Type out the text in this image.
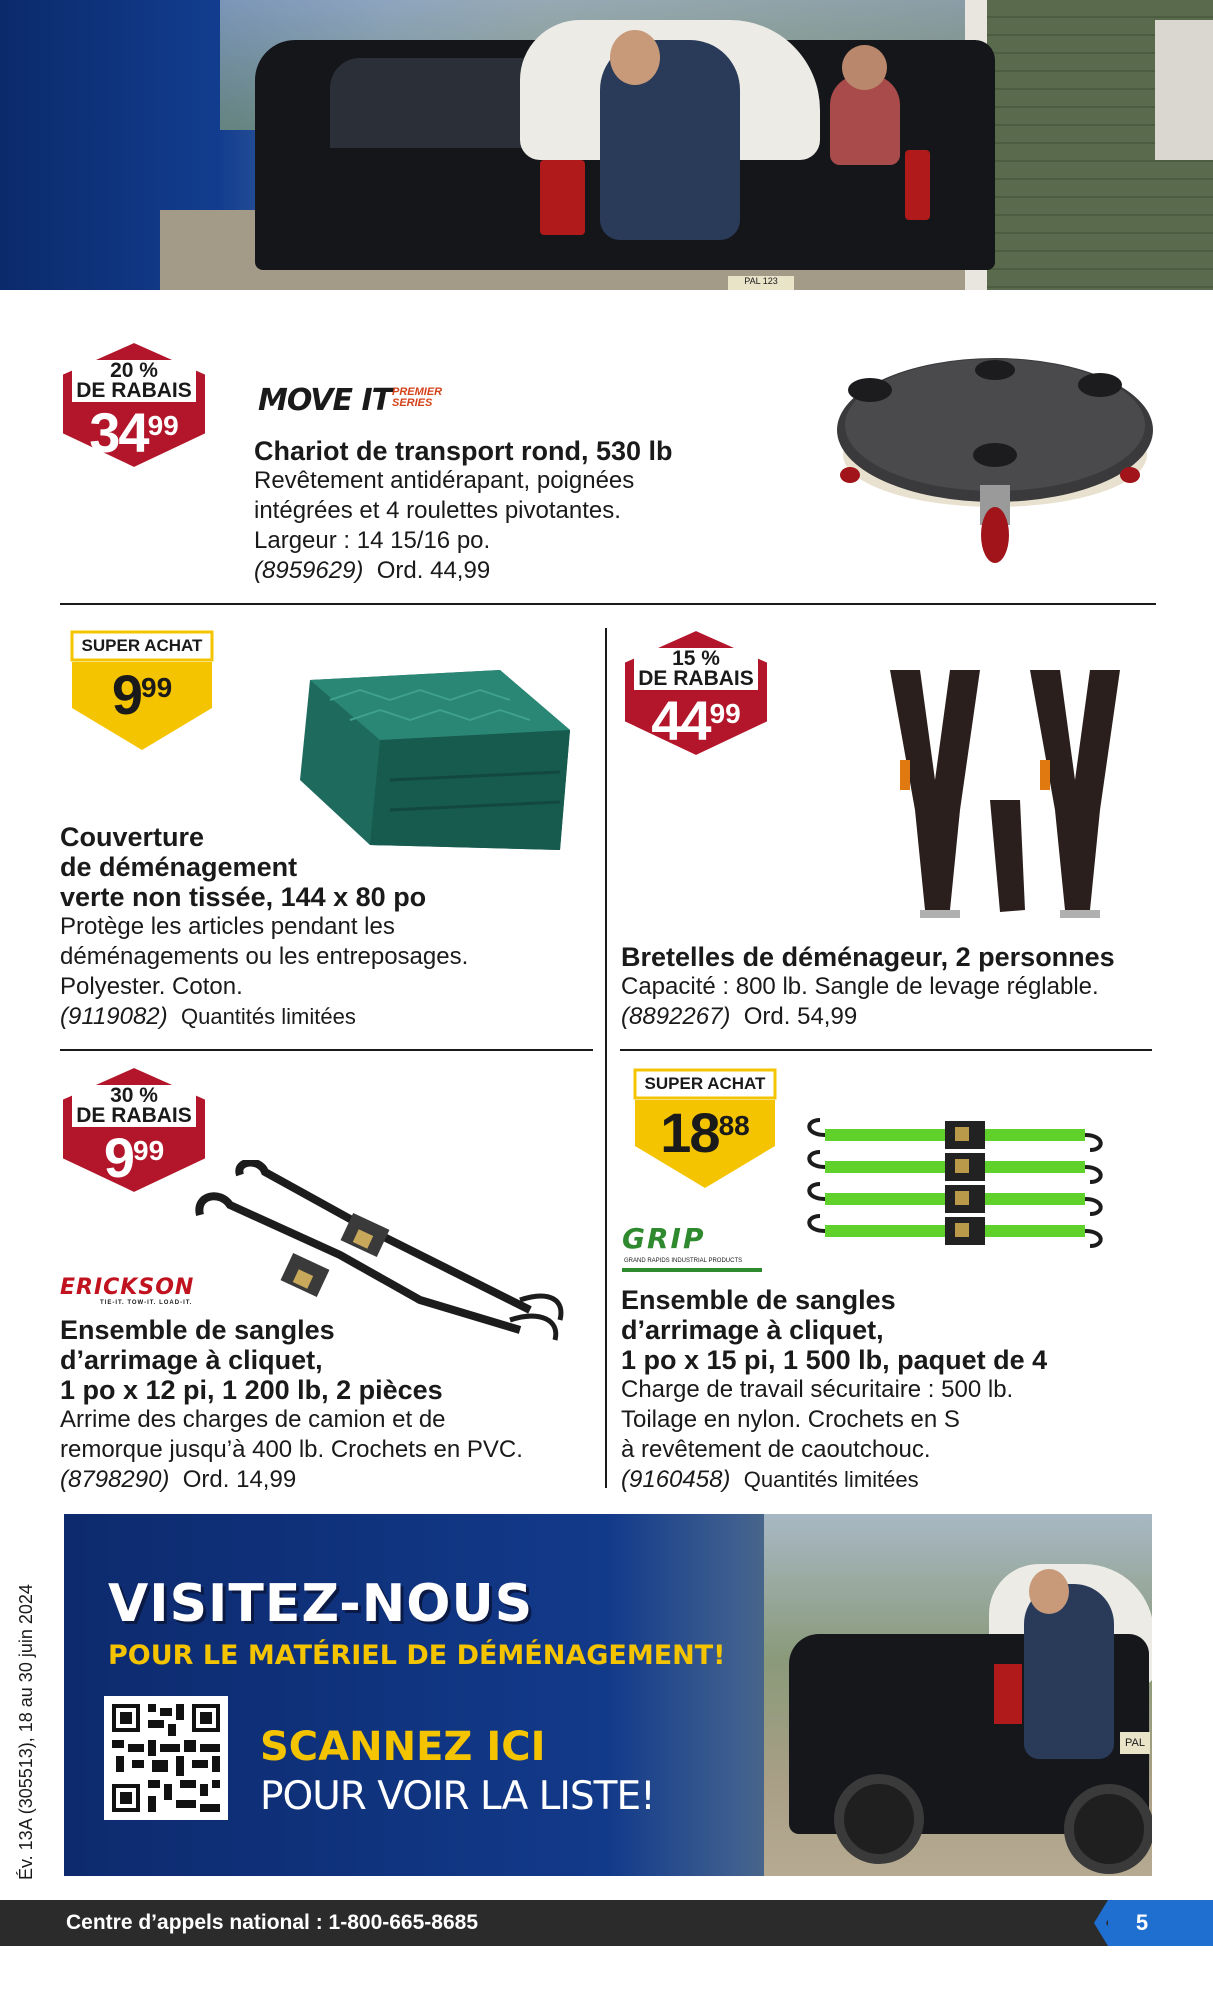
PAL 123
20 %
DE RABAIS
3499
MOVE IT PREMIER
SERIES
Chariot de transport rond, 530 lb
Revêtement antidérapant, poignées
intégrées et 4 roulettes pivotantes.
Largeur : 14 15/16 po.
(8959629) Ord. 44,99
SUPER ACHAT
999
Couverture
de déménagement
verte non tissée, 144 x 80 po
Protège les articles pendant les
déménagements ou les entreposages.
Polyester. Coton.
(9119082) Quantités limitées
15 %
DE RABAIS
4499
Bretelles de déménageur, 2 personnes
Capacité : 800 lb. Sangle de levage réglable.
(8892267) Ord. 54,99
30 %
DE RABAIS
999
ERICKSON
TIE-IT. TOW-IT. LOAD-IT.
Ensemble de sangles
d’arrimage à cliquet,
1 po x 12 pi, 1 200 lb, 2 pièces
Arrime des charges de camion et de
remorque jusqu’à 400 lb. Crochets en PVC.
(8798290) Ord. 14,99
SUPER ACHAT
1888
GRIP
GRAND RAPIDS INDUSTRIAL PRODUCTS
Ensemble de sangles
d’arrimage à cliquet,
1 po x 15 pi, 1 500 lb, paquet de 4
Charge de travail sécuritaire : 500 lb.
Toilage en nylon. Crochets en S
à revêtement de caoutchouc.
(9160458) Quantités limitées
PAL
VISITEZ-NOUS
POUR LE MATÉRIEL DE DÉMÉNAGEMENT!
SCANNEZ ICI
POUR VOIR LA LISTE!
Év. 13A (305513), 18 au 30 juin 2024
Centre d’appels national : 1-800-665-8685	5
